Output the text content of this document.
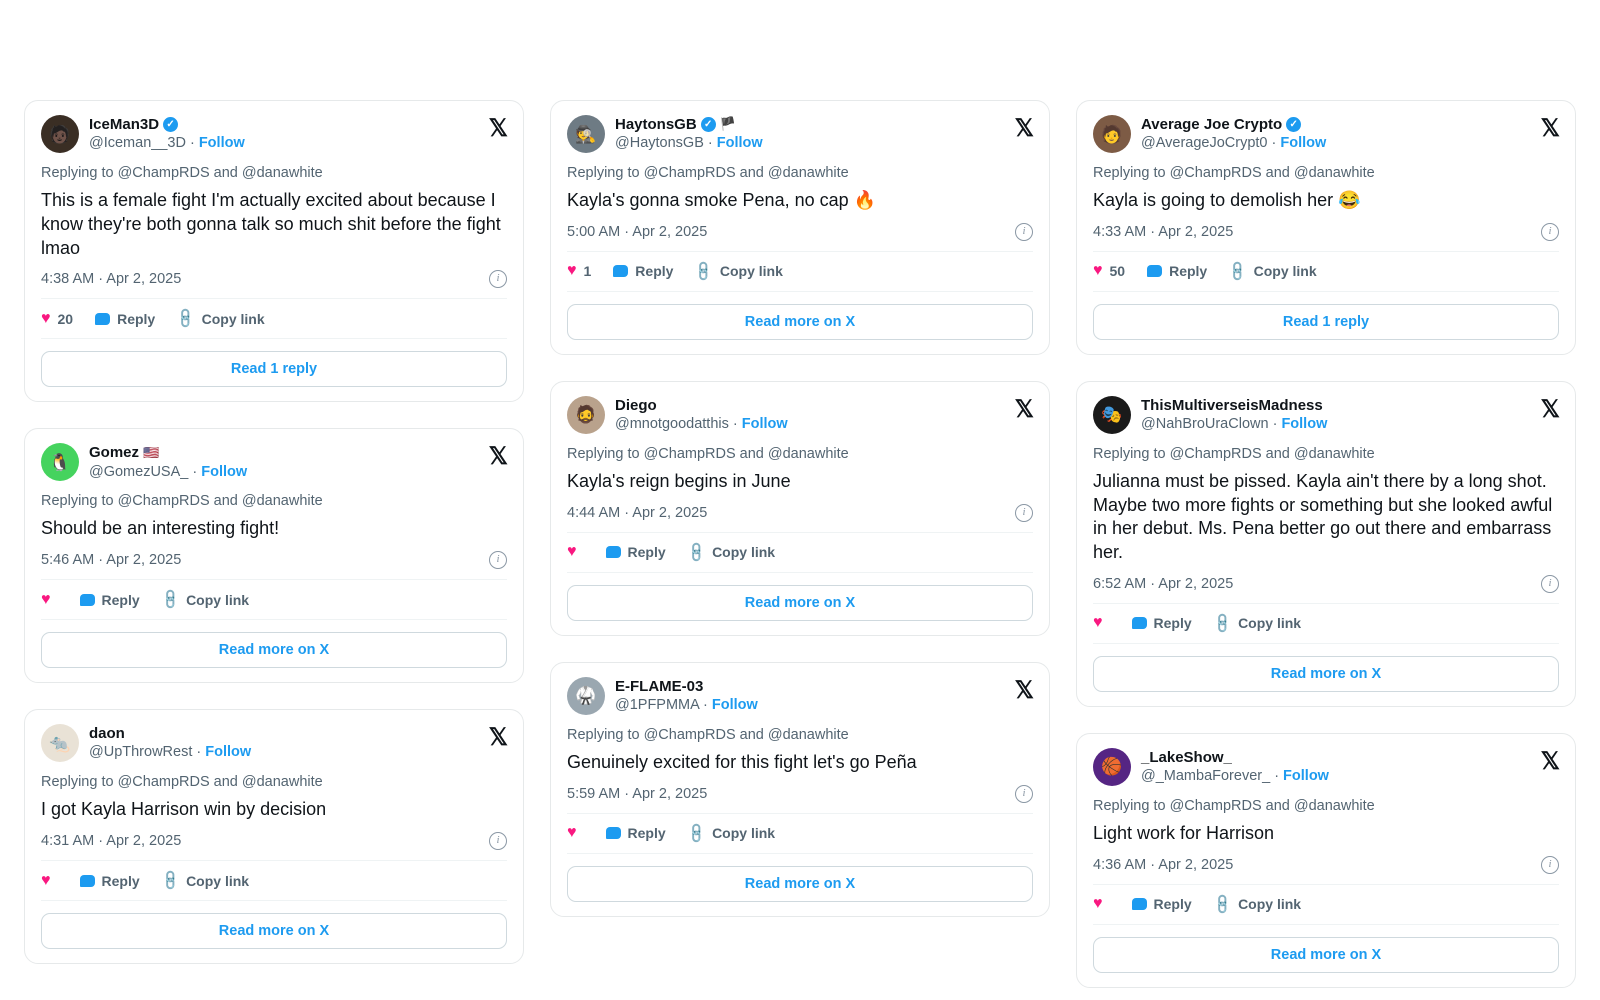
🧑🏿	IceMan3D ✓
@Iceman__3D · Follow
𝕏
Replying to @ChampRDS and @danawhite
This is a female fight I'm actually excited about because I know they're both gonna talk so much shit before the fight lmao
4:38 AM · Apr 2, 2025	i
♥ 20	Reply 🔗 Copy link
Read 1 reply
🐧	Gomez 🇺🇸
@GomezUSA_ · Follow
𝕏
Replying to @ChampRDS and @danawhite
Should be an interesting fight!
5:46 AM · Apr 2, 2025	i
♥	Reply 🔗 Copy link
Read more on X
🐀	daon
@UpThrowRest · Follow
𝕏
Replying to @ChampRDS and @danawhite
I got Kayla Harrison win by decision
4:31 AM · Apr 2, 2025	i
♥	Reply 🔗 Copy link
Read more on X
🕵️	HaytonsGB ✓ 🏴
@HaytonsGB · Follow
𝕏
Replying to @ChampRDS and @danawhite
Kayla's gonna smoke Pena, no cap 🔥
5:00 AM · Apr 2, 2025	i
♥ 1	Reply 🔗 Copy link
Read more on X
🧔	Diego
@mnotgoodatthis · Follow
𝕏
Replying to @ChampRDS and @danawhite
Kayla's reign begins in June
4:44 AM · Apr 2, 2025	i
♥	Reply 🔗 Copy link
Read more on X
🥋	E-FLAME-03
@1PFPMMA · Follow
𝕏
Replying to @ChampRDS and @danawhite
Genuinely excited for this fight let's go Peña
5:59 AM · Apr 2, 2025	i
♥	Reply 🔗 Copy link
Read more on X
🧑	Average Joe Crypto ✓
@AverageJoCrypt0 · Follow
𝕏
Replying to @ChampRDS and @danawhite
Kayla is going to demolish her 😂
4:33 AM · Apr 2, 2025	i
♥ 50	Reply 🔗 Copy link
Read 1 reply
🎭	ThisMultiverseisMadness
@NahBroUraClown · Follow
𝕏
Replying to @ChampRDS and @danawhite
Julianna must be pissed. Kayla ain't there by a long shot. Maybe two more fights or something but she looked awful in her debut. Ms. Pena better go out there and embarrass her.
6:52 AM · Apr 2, 2025	i
♥	Reply 🔗 Copy link
Read more on X
🏀	_LakeShow_
@_MambaForever_ · Follow
𝕏
Replying to @ChampRDS and @danawhite
Light work for Harrison
4:36 AM · Apr 2, 2025	i
♥	Reply 🔗 Copy link
Read more on X
